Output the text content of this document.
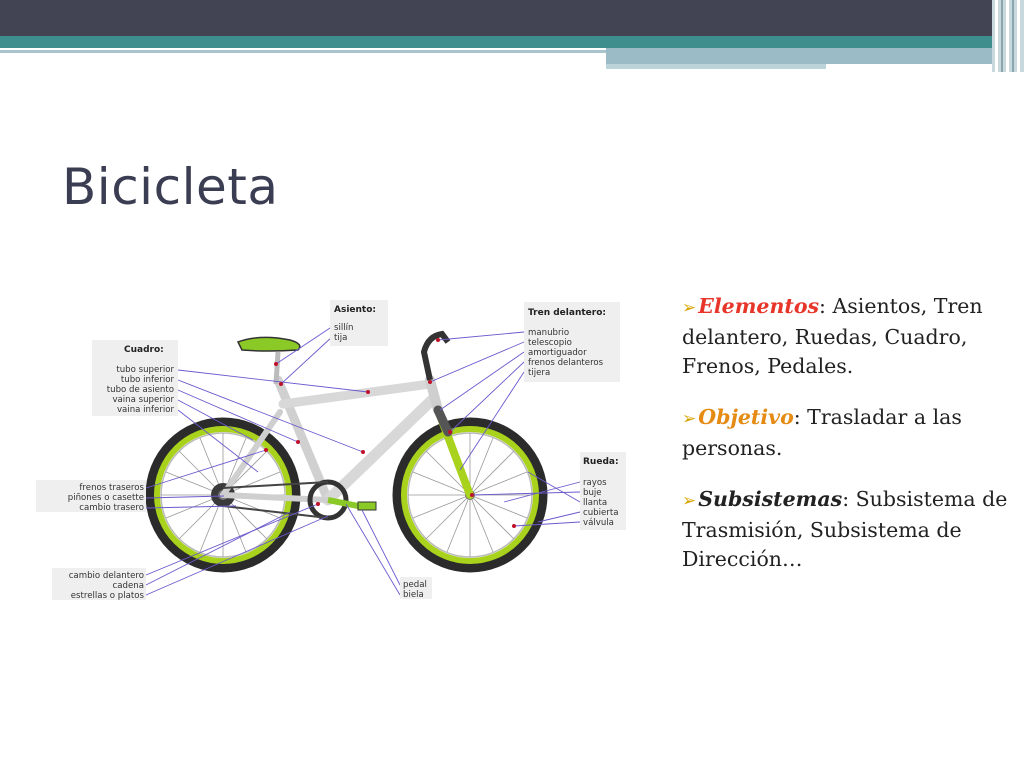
Bicicleta
Asiento:
sillín
tija
Tren delantero:
manubrio
telescopio
amortiguador
frenos delanteros
tijera
Cuadro:
tubo superior
tubo inferior
tubo de asiento
vaina superior
vaina inferior
Rueda:
rayos
buje
llanta
cubierta
válvula
frenos traseros
piñones o casette
cambio trasero
cambio delantero
cadena
estrellas o platos
pedal
biela

➢Elementos: Asientos, Tren delantero, Ruedas, Cuadro, Frenos, Pedales.

➢Objetivo: Trasladar a las personas.

➢Subsistemas: Subsistema de Trasmisión, Subsistema de Dirección…
